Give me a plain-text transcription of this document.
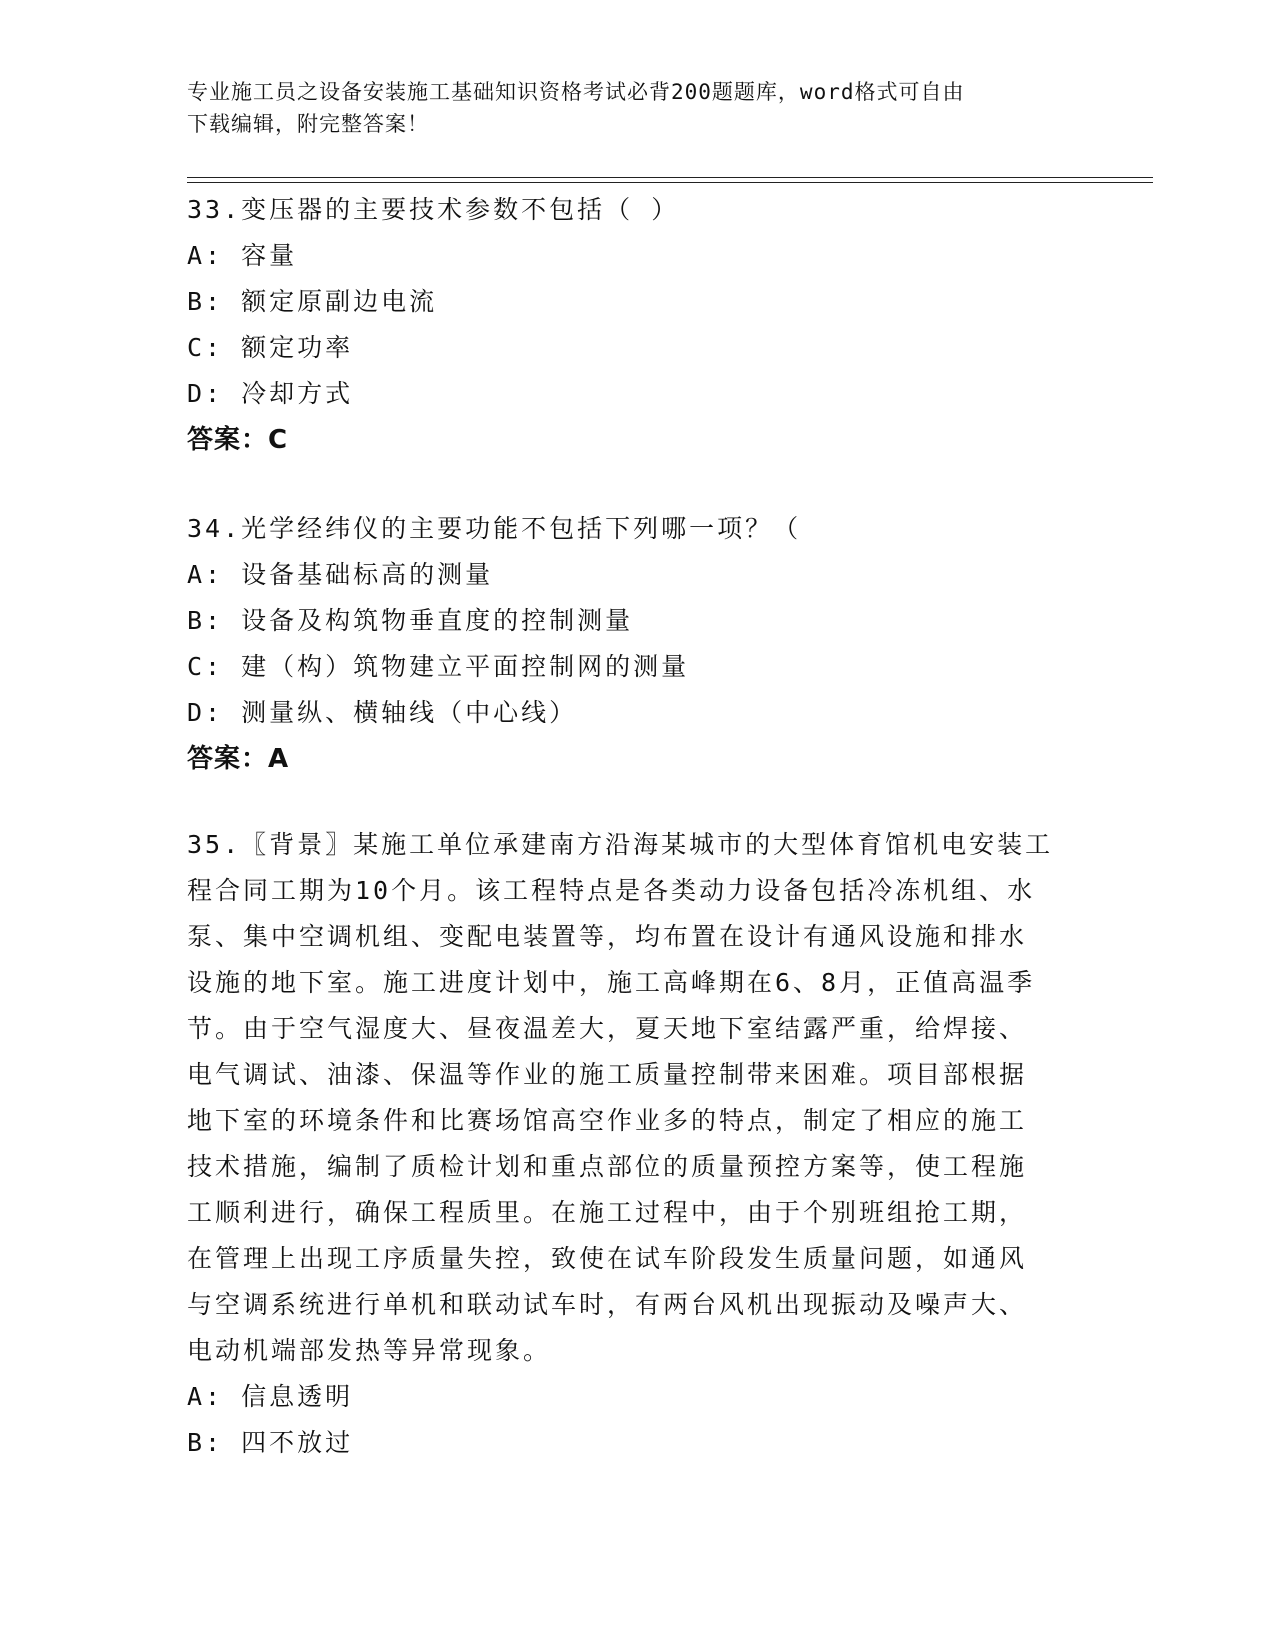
专业施工员之设备安装施工基础知识资格考试必背200题题库，word格式可自由
下载编辑，附完整答案！
33.变压器的主要技术参数不包括（ ）
A: 容量
B: 额定原副边电流
C: 额定功率
D: 冷却方式
答案：C
34.光学经纬仪的主要功能不包括下列哪一项？（
A: 设备基础标高的测量
B: 设备及构筑物垂直度的控制测量
C: 建（构）筑物建立平面控制网的测量
D: 测量纵、横轴线（中心线）
答案：A
35.〖背景〗某施工单位承建南方沿海某城市的大型体育馆机电安装工
程合同工期为10个月。该工程特点是各类动力设备包括冷冻机组、水
泵、集中空调机组、变配电装置等，均布置在设计有通风设施和排水
设施的地下室。施工进度计划中，施工高峰期在6、8月，正值高温季
节。由于空气湿度大、昼夜温差大，夏天地下室结露严重，给焊接、
电气调试、油漆、保温等作业的施工质量控制带来困难。项目部根据
地下室的环境条件和比赛场馆高空作业多的特点，制定了相应的施工
技术措施，编制了质检计划和重点部位的质量预控方案等，使工程施
工顺利进行，确保工程质里。在施工过程中，由于个别班组抢工期，
在管理上出现工序质量失控，致使在试车阶段发生质量问题，如通风
与空调系统进行单机和联动试车时，有两台风机出现振动及噪声大、
电动机端部发热等异常现象。
A: 信息透明
B: 四不放过
